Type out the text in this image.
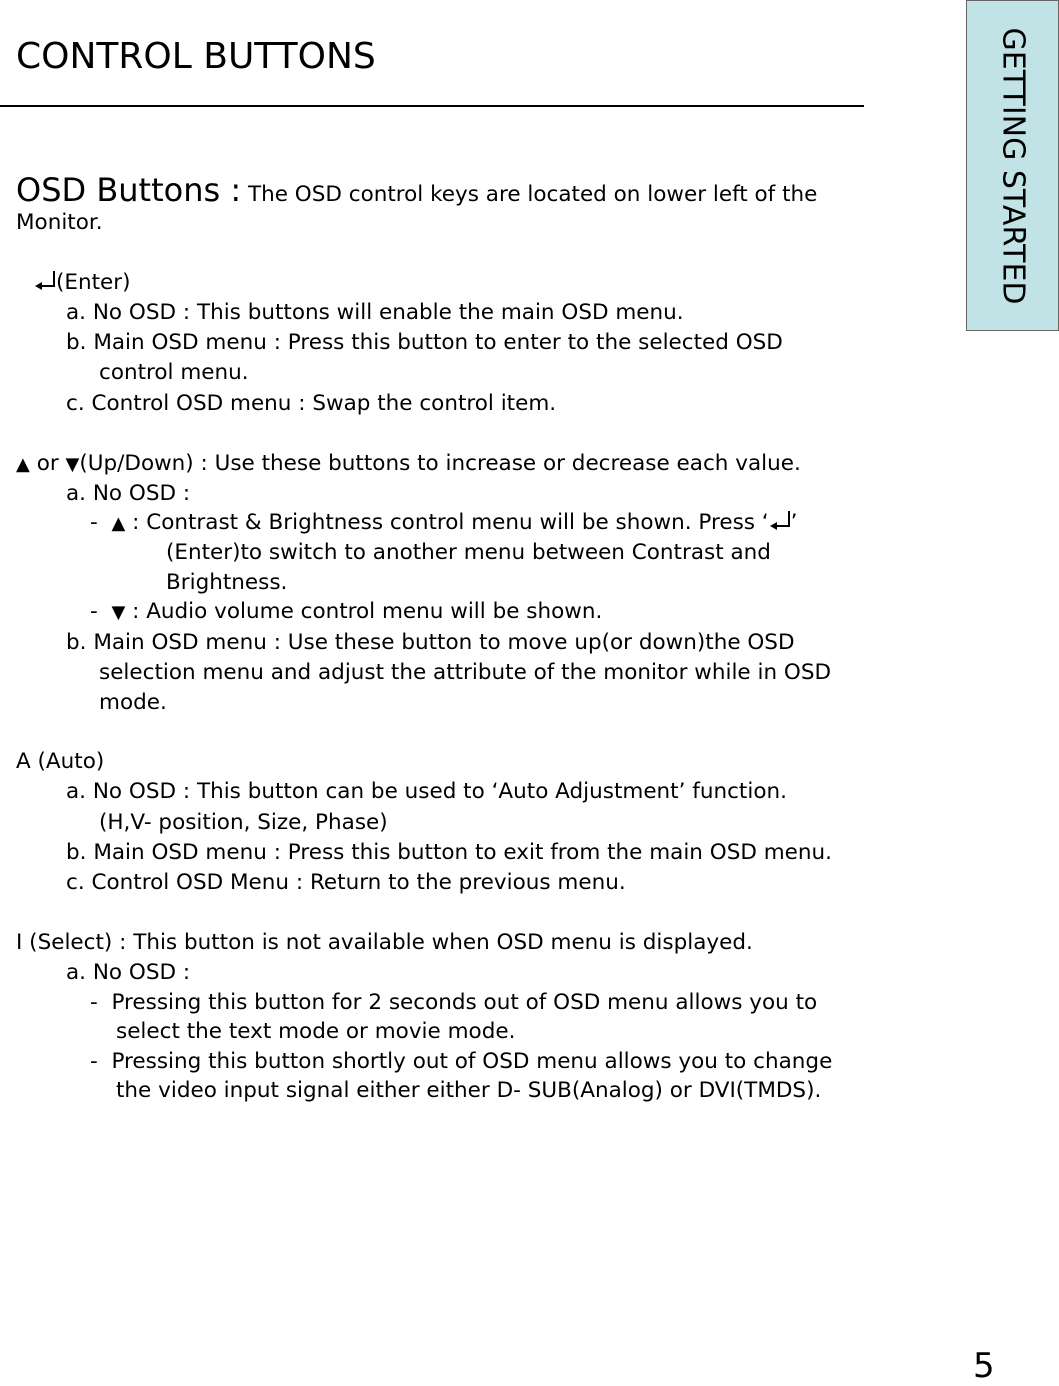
CONTROL BUTTONS	GETTING STARTED
OSD Buttons : The OSD control keys are located on lower left of the
Monitor.
(Enter)
a. No OSD : This buttons will enable the main OSD menu.
b. Main OSD menu : Press this button to enter to the selected OSD
control menu.
c. Control OSD menu : Swap the control item.
▲ or ▼(Up/Down) : Use these buttons to increase or decrease each value.
a. No OSD :
- ▲ : Contrast & Brightness control menu will be shown. Press ‘ ’
(Enter)to switch to another menu between Contrast and
Brightness.
- ▼ : Audio volume control menu will be shown.
b. Main OSD menu : Use these button to move up(or down)the OSD
selection menu and adjust the attribute of the monitor while in OSD
mode.
A (Auto)
a. No OSD : This button can be used to ‘Auto Adjustment’ function.
(H,V- position, Size, Phase)
b. Main OSD menu : Press this button to exit from the main OSD menu.
c. Control OSD Menu : Return to the previous menu.
I (Select) : This button is not available when OSD menu is displayed.
a. No OSD :
- Pressing this button for 2 seconds out of OSD menu allows you to
select the text mode or movie mode.
- Pressing this button shortly out of OSD menu allows you to change
the video input signal either either D- SUB(Analog) or DVI(TMDS).
5
